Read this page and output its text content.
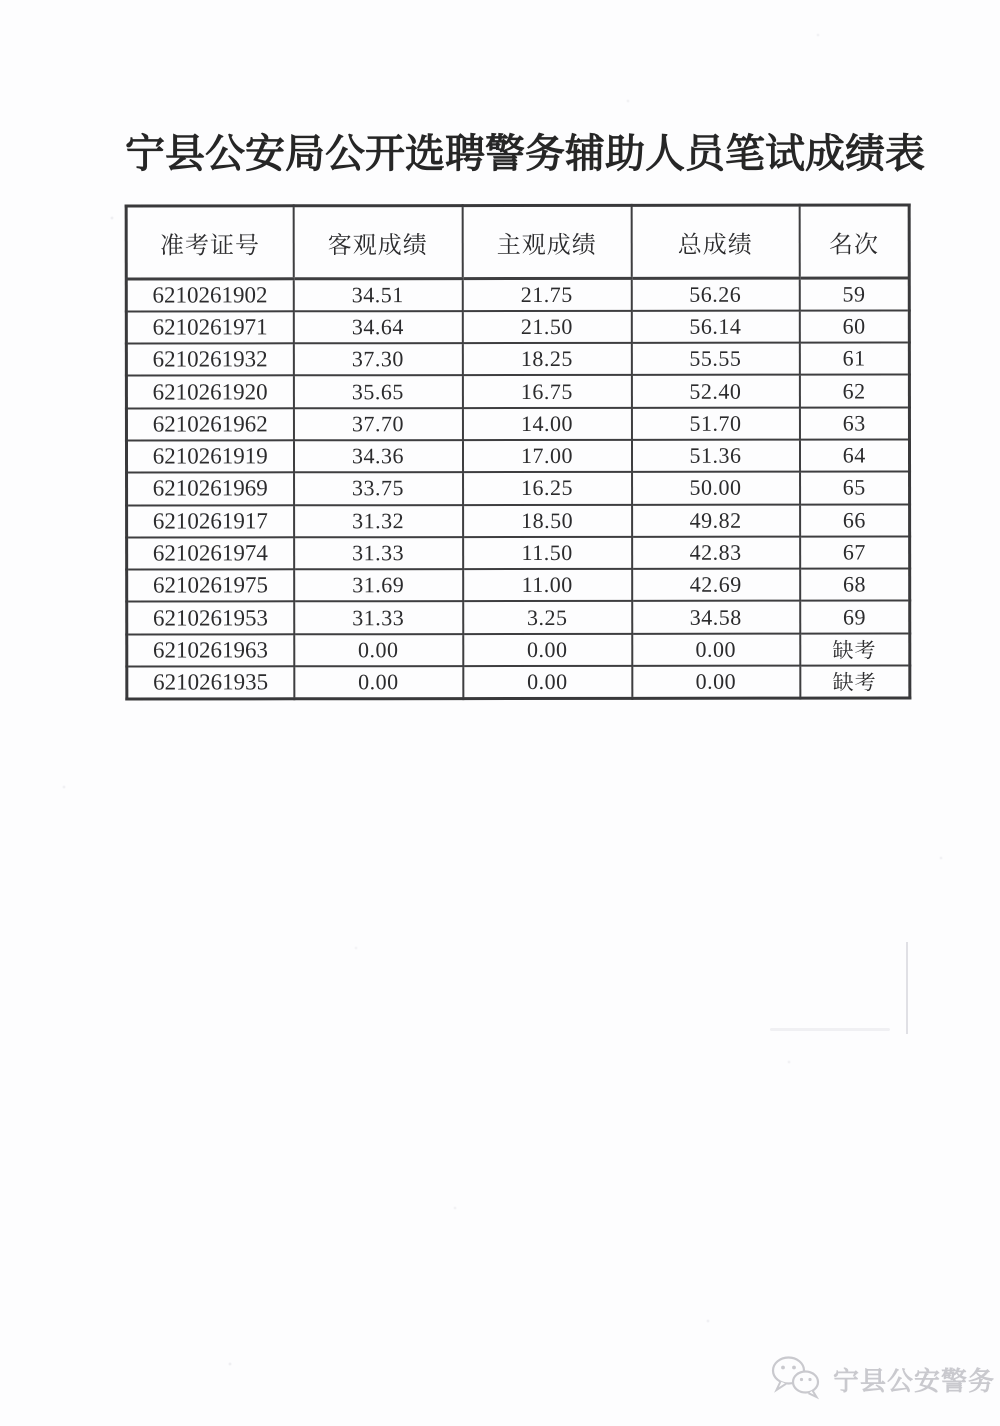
宁县公安局公开选聘警务辅助人员笔试成绩表
准考证号	客观成绩	主观成绩	总成绩	名次
6210261902	34.51	21.75	56.26	59
6210261971	34.64	21.50	56.14	60
6210261932	37.30	18.25	55.55	61
6210261920	35.65	16.75	52.40	62
6210261962	37.70	14.00	51.70	63
6210261919	34.36	17.00	51.36	64
6210261969	33.75	16.25	50.00	65
6210261917	31.32	18.50	49.82	66
6210261974	31.33	11.50	42.83	67
6210261975	31.69	11.00	42.69	68
6210261953	31.33	3.25	34.58	69
6210261963	0.00	0.00	0.00	缺考
6210261935	0.00	0.00	0.00	缺考
宁县公安警务
